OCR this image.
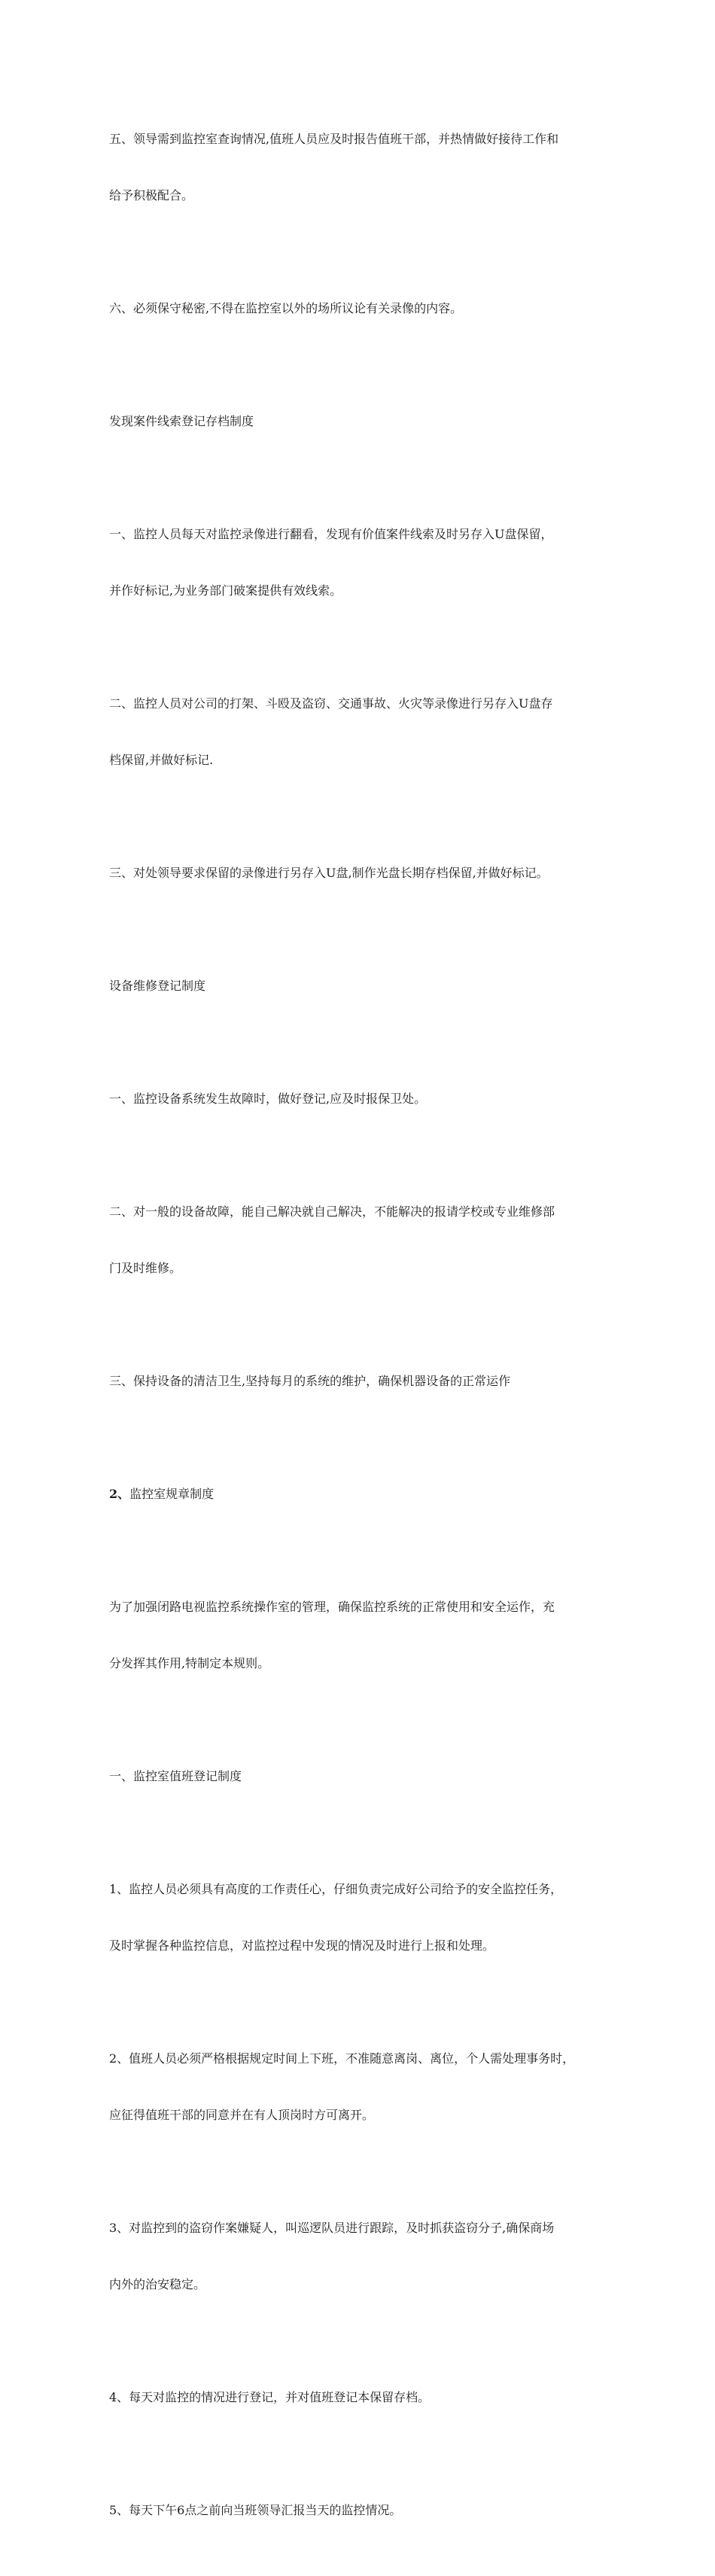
五、领导需到监控室查询情况,值班人员应及时报告值班干部，并热情做好接待工作和

给予积极配合。

六、必须保守秘密,不得在监控室以外的场所议论有关录像的内容。

发现案件线索登记存档制度

一、监控人员每天对监控录像进行翻看，发现有价值案件线索及时另存入U盘保留，

并作好标记,为业务部门破案提供有效线索。

二、监控人员对公司的打架、斗殴及盗窃、交通事故、火灾等录像进行另存入U盘存

档保留,并做好标记.

三、对处领导要求保留的录像进行另存入U盘,制作光盘长期存档保留,并做好标记。

设备维修登记制度

一、监控设备系统发生故障时，做好登记,应及时报保卫处。

二、对一般的设备故障，能自己解决就自己解决，不能解决的报请学校或专业维修部

门及时维修。

三、保持设备的清洁卫生,坚持每月的系统的维护，确保机器设备的正常运作

2、监控室规章制度

为了加强闭路电视监控系统操作室的管理，确保监控系统的正常使用和安全运作，充

分发挥其作用,特制定本规则。

一、监控室值班登记制度

1、监控人员必须具有高度的工作责任心，仔细负责完成好公司给予的安全监控任务，

及时掌握各种监控信息，对监控过程中发现的情况及时进行上报和处理。

2、值班人员必须严格根据规定时间上下班，不准随意离岗、离位，个人需处理事务时，

应征得值班干部的同意并在有人顶岗时方可离开。

3、对监控到的盗窃作案嫌疑人，叫巡逻队员进行跟踪，及时抓获盗窃分子,确保商场

内外的治安稳定。

4、每天对监控的情况进行登记，并对值班登记本保留存档。

5、每天下午6点之前向当班领导汇报当天的监控情况。
